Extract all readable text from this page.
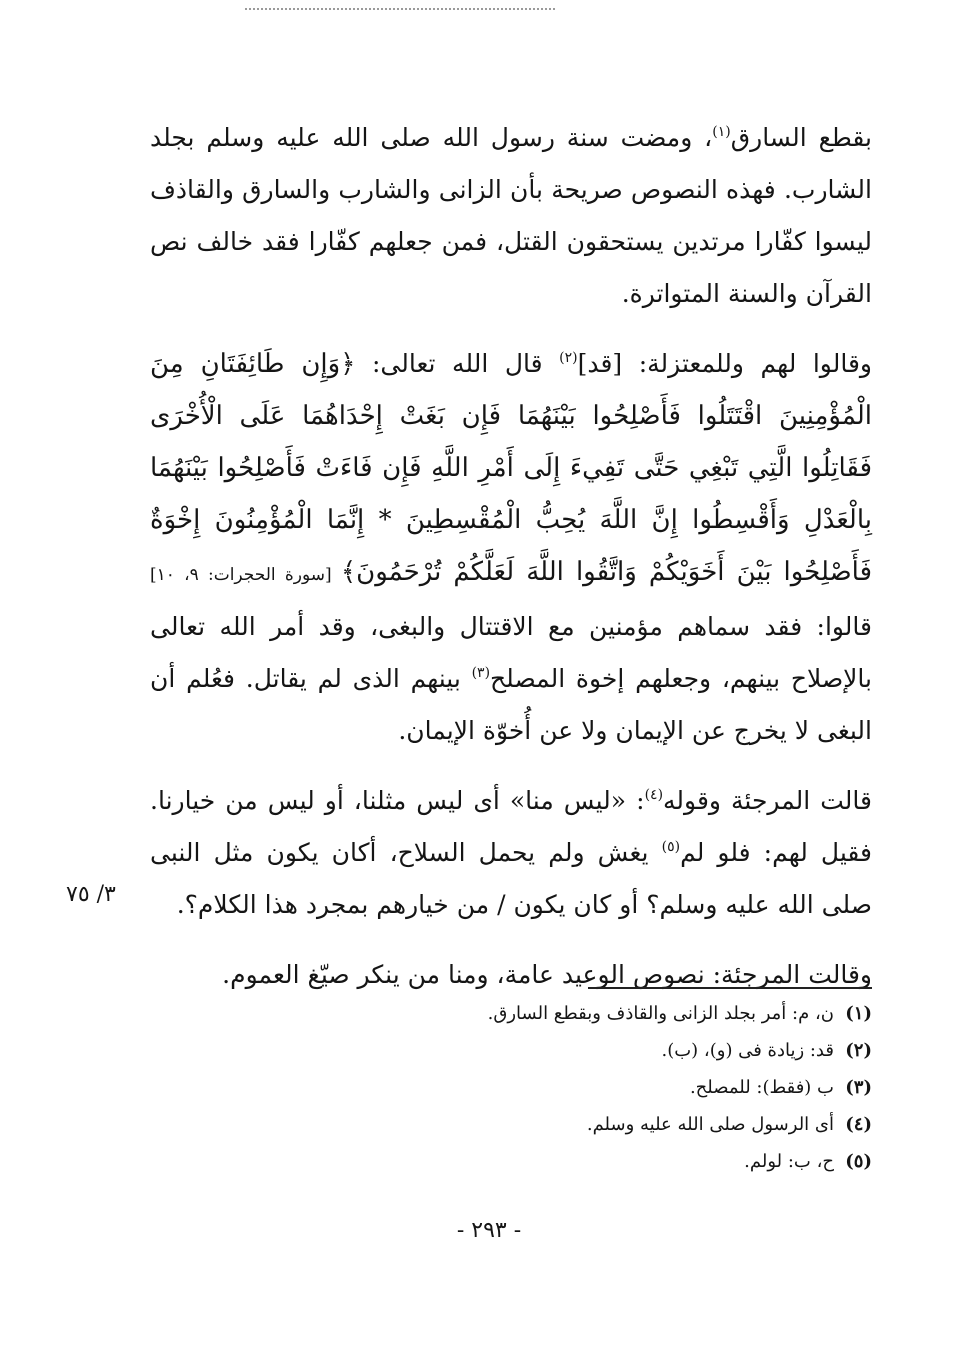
بقطع السارق$^{(١)}$، ومضت سنة رسول الله صلى الله عليه وسلم بجلد الشارب. فهذه النصوص صريحة بأن الزانى والشارب والسارق والقاذف ليسوا كفّارا مرتدين يستحقون القتل، فمن جعلهم كفّارا فقد خالف نص القرآن والسنة المتواترة.

وقالوا لهم وللمعتزلة: [قد]$^{(٢)}$ قال الله تعالى: ﴿وَإِن طَائِفَتَانِ مِنَ الْمُؤْمِنِينَ اقْتَتَلُوا فَأَصْلِحُوا بَيْنَهُمَا فَإِن بَغَتْ إِحْدَاهُمَا عَلَى الْأُخْرَى فَقَاتِلُوا الَّتِي تَبْغِي حَتَّى تَفِيءَ إِلَى أَمْرِ اللَّهِ فَإِن فَاءَتْ فَأَصْلِحُوا بَيْنَهُمَا بِالْعَدْلِ وَأَقْسِطُوا إِنَّ اللَّهَ يُحِبُّ الْمُقْسِطِينَ * إِنَّمَا الْمُؤْمِنُونَ إِخْوَةٌ فَأَصْلِحُوا بَيْنَ أَخَوَيْكُمْ وَاتَّقُوا اللَّهَ لَعَلَّكُمْ تُرْحَمُونَ﴾ [سورة الحجرات: ٩، ١٠] قالوا: فقد سماهم مؤمنين مع الاقتتال والبغى، وقد أمر الله تعالى بالإصلاح بينهم، وجعلهم إخوة المصلح$^{(٣)}$ بينهم الذى لم يقاتل. فعُلم أن البغى لا يخرج عن الإيمان ولا عن أُخوّة الإيمان.

قالت المرجئة وقوله$^{(٤)}$: «ليس منا» أى ليس مثلنا، أو ليس من خيارنا. فقيل لهم: فلو لم$^{(٥)}$ يغش ولم يحمل السلاح، أكان يكون مثل النبى صلى الله عليه وسلم؟ أو كان يكون / من خيارهم بمجرد هذا الكلام؟.

وقالت المرجئة: نصوص الوعيد عامة، ومنا من ينكر صيّغ العموم.

٣/ ٧٥
(١)ن، م: أمر بجلد الزانى والقاذف وبقطع السارق.
(٢)قد: زيادة فى (و)، (ب).
(٣)ب (فقط): للمصلح.
(٤)أى الرسول صلى الله عليه وسلم.
(٥)ح، ب: لولم.
- ٢٩٣ -
